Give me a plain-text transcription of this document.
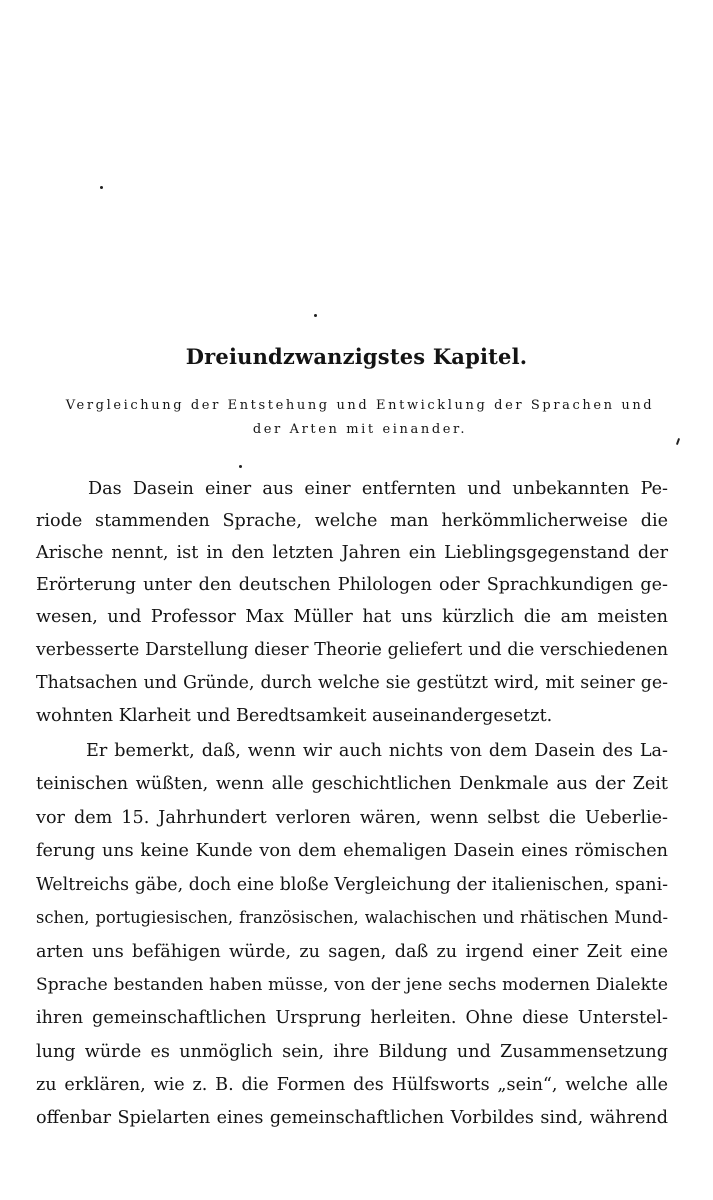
Dreiundzwanzigstes Kapitel.
Vergleichung der Entstehung und Entwicklung der Sprachen und
der Arten mit einander.
Das Dasein einer aus einer entfernten und unbekannten Pe-
riode stammenden Sprache, welche man herkömmlicherweise die
Arische nennt, ist in den letzten Jahren ein Lieblingsgegenstand der
Erörterung unter den deutschen Philologen oder Sprachkundigen ge-
wesen, und Professor Max Müller hat uns kürzlich die am meisten
verbesserte Darstellung dieser Theorie geliefert und die verschiedenen
Thatsachen und Gründe, durch welche sie gestützt wird, mit seiner ge-
wohnten Klarheit und Beredtsamkeit auseinandergesetzt.
Er bemerkt, daß, wenn wir auch nichts von dem Dasein des La-
teinischen wüßten, wenn alle geschichtlichen Denkmale aus der Zeit
vor dem 15. Jahrhundert verloren wären, wenn selbst die Ueberlie-
ferung uns keine Kunde von dem ehemaligen Dasein eines römischen
Weltreichs gäbe, doch eine bloße Vergleichung der italienischen, spani-
schen, portugiesischen, französischen, walachischen und rhätischen Mund-
arten uns befähigen würde, zu sagen, daß zu irgend einer Zeit eine
Sprache bestanden haben müsse, von der jene sechs modernen Dialekte
ihren gemeinschaftlichen Ursprung herleiten. Ohne diese Unterstel-
lung würde es unmöglich sein, ihre Bildung und Zusammensetzung
zu erklären, wie z. B. die Formen des Hülfsworts „sein“, welche alle
offenbar Spielarten eines gemeinschaftlichen Vorbildes sind, während
